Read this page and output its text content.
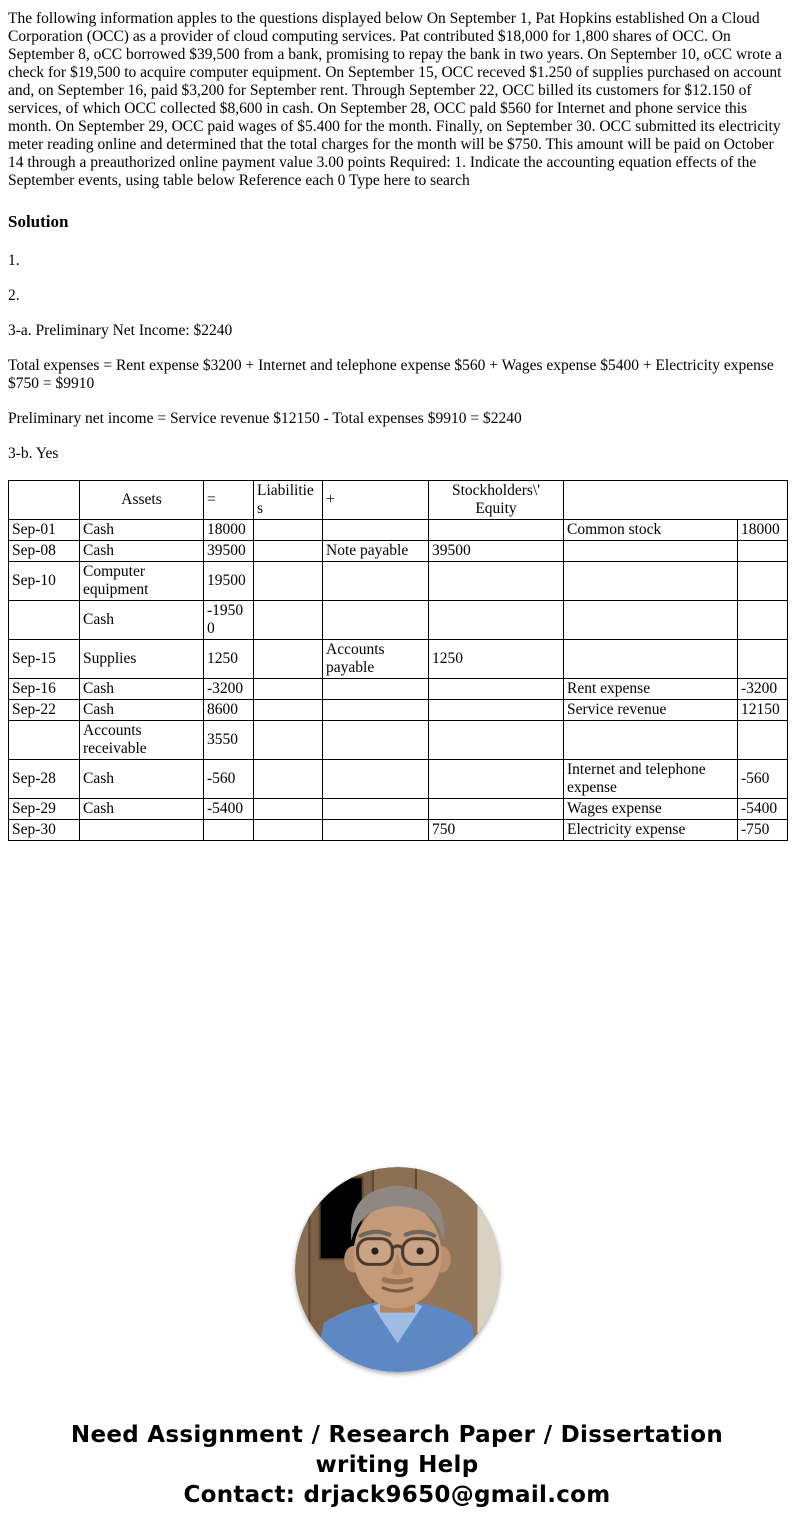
The following information apples to the questions displayed below On September 1, Pat Hopkins established On a Cloud Corporation (OCC) as a provider of cloud computing services. Pat contributed $18,000 for 1,800 shares of OCC. On September 8, oCC borrowed $39,500 from a bank, promising to repay the bank in two years. On September 10, oCC wrote a check for $19,500 to acquire computer equipment. On September 15, OCC receved $1.250 of supplies purchased on account and, on September 16, paid $3,200 for September rent. Through September 22, OCC billed its customers for $12.150 of services, of which OCC collected $8,600 in cash. On September 28, OCC pald $560 for Internet and phone service this month. On September 29, OCC paid wages of $5.400 for the month. Finally, on September 30. OCC submitted its electricity meter reading online and determined that the total charges for the month will be $750. This amount will be paid on October 14 through a preauthorized online payment value 3.00 points Required: 1. Indicate the accounting equation effects of the September events, using table below Reference each 0 Type here to search

Solution

1.

2.

3-a. Preliminary Net Income: $2240

Total expenses = Rent expense $3200 + Internet and telephone expense $560 + Wages expense $5400 + Electricity expense $750 = $9910

Preliminary net income = Service revenue $12150 - Total expenses $9910 = $2240

3-b. Yes

	Assets	=	Liabilities	+	Stockholders\' Equity		
Sep-01	Cash	18000				Common stock	18000
Sep-08	Cash	39500		Note payable	39500		
Sep-10	Computer equipment	19500					
	Cash	-19500					
Sep-15	Supplies	1250		Accounts payable	1250		
Sep-16	Cash	-3200				Rent expense	-3200
Sep-22	Cash	8600				Service revenue	12150
	Accounts receivable	3550					
Sep-28	Cash	-560				Internet and telephone expense	-560
Sep-29	Cash	-5400				Wages expense	-5400
Sep-30					750	Electricity expense	-750
Need Assignment / Research Paper / Dissertation writing Help
Contact: drjack9650@gmail.com
